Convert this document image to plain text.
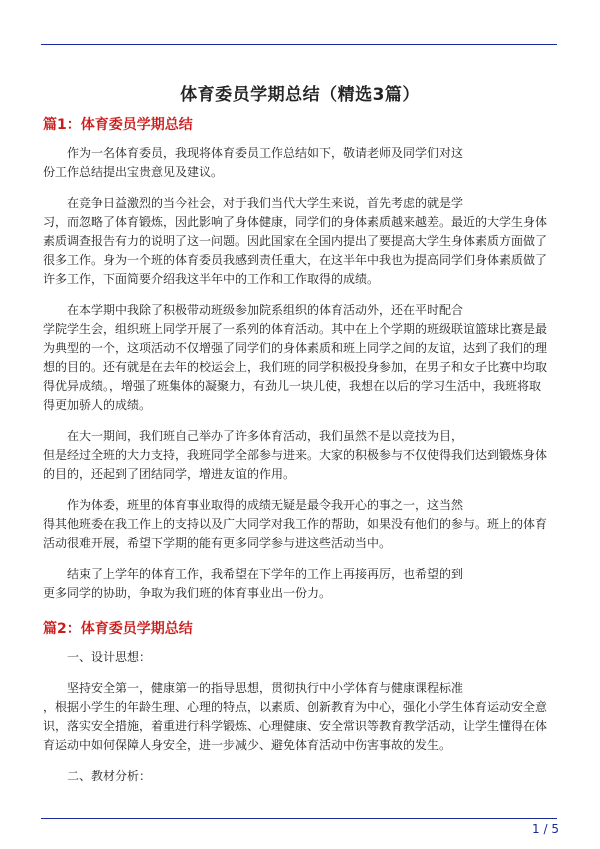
体育委员学期总结（精选3篇）
篇1：体育委员学期总结
作为一名体育委员，我现将体育委员工作总结如下，敬请老师及同学们对这
份工作总结提出宝贵意见及建议。
在竞争日益激烈的当今社会，对于我们当代大学生来说，首先考虑的就是学
习，而忽略了体育锻炼，因此影响了身体健康，同学们的身体素质越来越差。最近的大学生身体
素质调查报告有力的说明了这一问题。因此国家在全国内提出了要提高大学生身体素质方面做了
很多工作。身为一个班的体育委员我感到责任重大，在这半年中我也为提高同学们身体素质做了
许多工作，下面简要介绍我这半年中的工作和工作取得的成绩。
在本学期中我除了积极带动班级参加院系组织的体育活动外，还在平时配合
学院学生会，组织班上同学开展了一系列的体育活动。其中在上个学期的班级联谊篮球比赛是最
为典型的一个，这项活动不仅增强了同学们的身体素质和班上同学之间的友谊，达到了我们的理
想的目的。还有就是在去年的校运会上，我们班的同学积极投身参加，在男子和女子比赛中均取
得优异成绩。，增强了班集体的凝聚力，有劲儿一块儿使，我想在以后的学习生活中，我班将取
得更加骄人的成绩。
在大一期间，我们班自己举办了许多体育活动，我们虽然不是以竞技为目，
但是经过全班的大力支持，我班同学全部参与进来。大家的积极参与不仅使得我们达到锻炼身体
的目的，还起到了团结同学，增进友谊的作用。
作为体委，班里的体育事业取得的成绩无疑是最令我开心的事之一，这当然
得其他班委在我工作上的支持以及广大同学对我工作的帮助，如果没有他们的参与。班上的体育
活动很难开展，希望下学期的能有更多同学参与进这些活动当中。
结束了上学年的体育工作，我希望在下学年的工作上再接再厉，也希望的到
更多同学的协助，争取为我们班的体育事业出一份力。
篇2：体育委员学期总结
一、设计思想：
坚持安全第一，健康第一的指导思想，贯彻执行中小学体育与健康课程标准
，根据小学生的年龄生理、心理的特点，以素质、创新教育为中心，强化小学生体育运动安全意
识，落实安全措施，着重进行科学锻炼、心理健康、安全常识等教育教学活动，让学生懂得在体
育运动中如何保障人身安全，进一步减少、避免体育活动中伤害事故的发生。
二、教材分析：
1 / 5
